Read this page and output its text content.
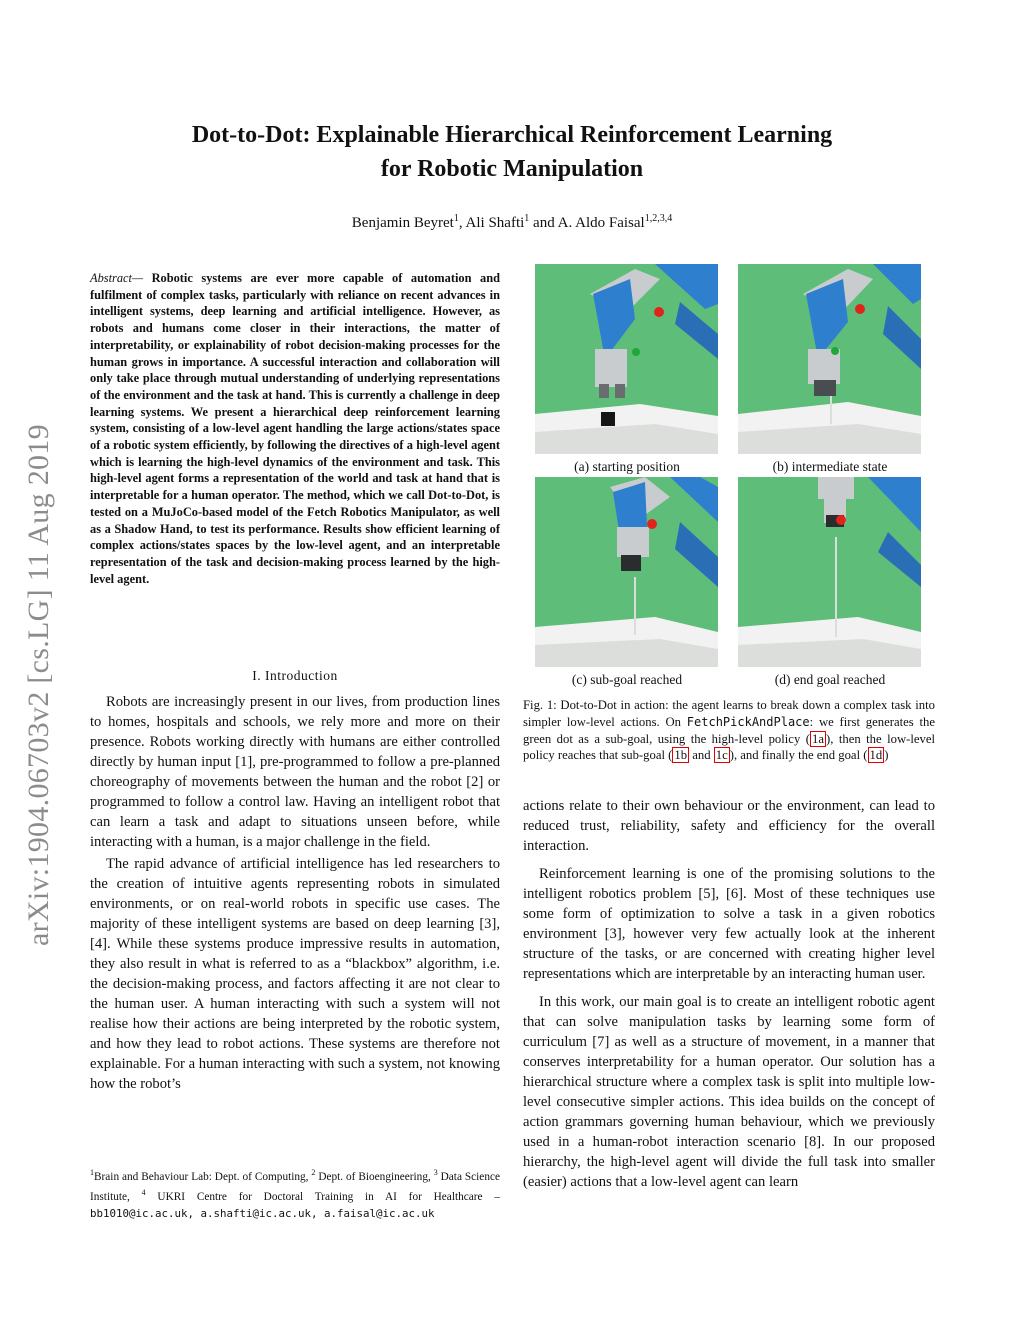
Dot-to-Dot: Explainable Hierarchical Reinforcement Learning
for Robotic Manipulation
Benjamin Beyret$^1$, Ali Shafti$^1$ and A. Aldo Faisal$^{1,2,3,4}$
arXiv:1904.06703v2 [cs.LG] 11 Aug 2019
Abstract— Robotic systems are ever more capable of automation and fulfilment of complex tasks, particularly with reliance on recent advances in intelligent systems, deep learning and artificial intelligence. However, as robots and humans come closer in their interactions, the matter of interpretability, or explainability of robot decision-making processes for the human grows in importance. A successful interaction and collaboration will only take place through mutual understanding of underlying representations of the environment and the task at hand. This is currently a challenge in deep learning systems. We present a hierarchical deep reinforcement learning system, consisting of a low-level agent handling the large actions/states space of a robotic system efficiently, by following the directives of a high-level agent which is learning the high-level dynamics of the environment and task. This high-level agent forms a representation of the world and task at hand that is interpretable for a human operator. The method, which we call Dot-to-Dot, is tested on a MuJoCo-based model of the Fetch Robotics Manipulator, as well as a Shadow Hand, to test its performance. Results show efficient learning of complex actions/states spaces by the low-level agent, and an interpretable representation of the task and decision-making process learned by the high-level agent.
I. Introduction

Robots are increasingly present in our lives, from production lines to homes, hospitals and schools, we rely more and more on their presence. Robots working directly with humans are either controlled directly by human input [1], pre-programmed to follow a pre-planned choreography of movements between the human and the robot [2] or programmed to follow a control law. Having an intelligent robot that can learn a task and adapt to situations unseen before, while interacting with a human, is a major challenge in the field.

The rapid advance of artificial intelligence has led researchers to the creation of intuitive agents representing robots in simulated environments, or on real-world robots in specific use cases. The majority of these intelligent systems are based on deep learning [3], [4]. While these systems produce impressive results in automation, they also result in what is referred to as a “blackbox” algorithm, i.e. the decision-making process, and factors affecting it are not clear to the human user. A human interacting with such a system will not realise how their actions are being interpreted by the robotic system, and how they lead to robot actions. These systems are therefore not explainable. For a human interacting with such a system, not knowing how the robot’s

$^1$Brain and Behaviour Lab: Dept. of Computing, $^2$ Dept. of Bioengineering, $^3$ Data Science Institute, $^4$ UKRI Centre for Doctoral Training in AI for Healthcare – bb1010@ic.ac.uk, a.shafti@ic.ac.uk, a.faisal@ic.ac.uk
(a) starting position	(b) intermediate state
(c) sub-goal reached	(d) end goal reached
Fig. 1: Dot-to-Dot in action: the agent learns to break down a complex task into simpler low-level actions. On FetchPickAndPlace: we first generates the green dot as a sub-goal, using the high-level policy ( 1a ), then the low-level policy reaches that sub-goal ( 1b and 1c ), and finally the end goal ( 1d )

actions relate to their own behaviour or the environment, can lead to reduced trust, reliability, safety and efficiency for the overall interaction.

Reinforcement learning is one of the promising solutions to the intelligent robotics problem [5], [6]. Most of these techniques use some form of optimization to solve a task in a given robotics environment [3], however very few actually look at the inherent structure of the tasks, or are concerned with creating higher level representations which are interpretable by an interacting human user.

In this work, our main goal is to create an intelligent robotic agent that can solve manipulation tasks by learning some form of curriculum [7] as well as a structure of movement, in a manner that conserves interpretability for a human operator. Our solution has a hierarchical structure where a complex task is split into multiple low-level consecutive simpler actions. This idea builds on the concept of action grammars governing human behaviour, which we previously used in a human-robot interaction scenario [8]. In our proposed hierarchy, the high-level agent will divide the full task into smaller (easier) actions that a low-level agent can learn
